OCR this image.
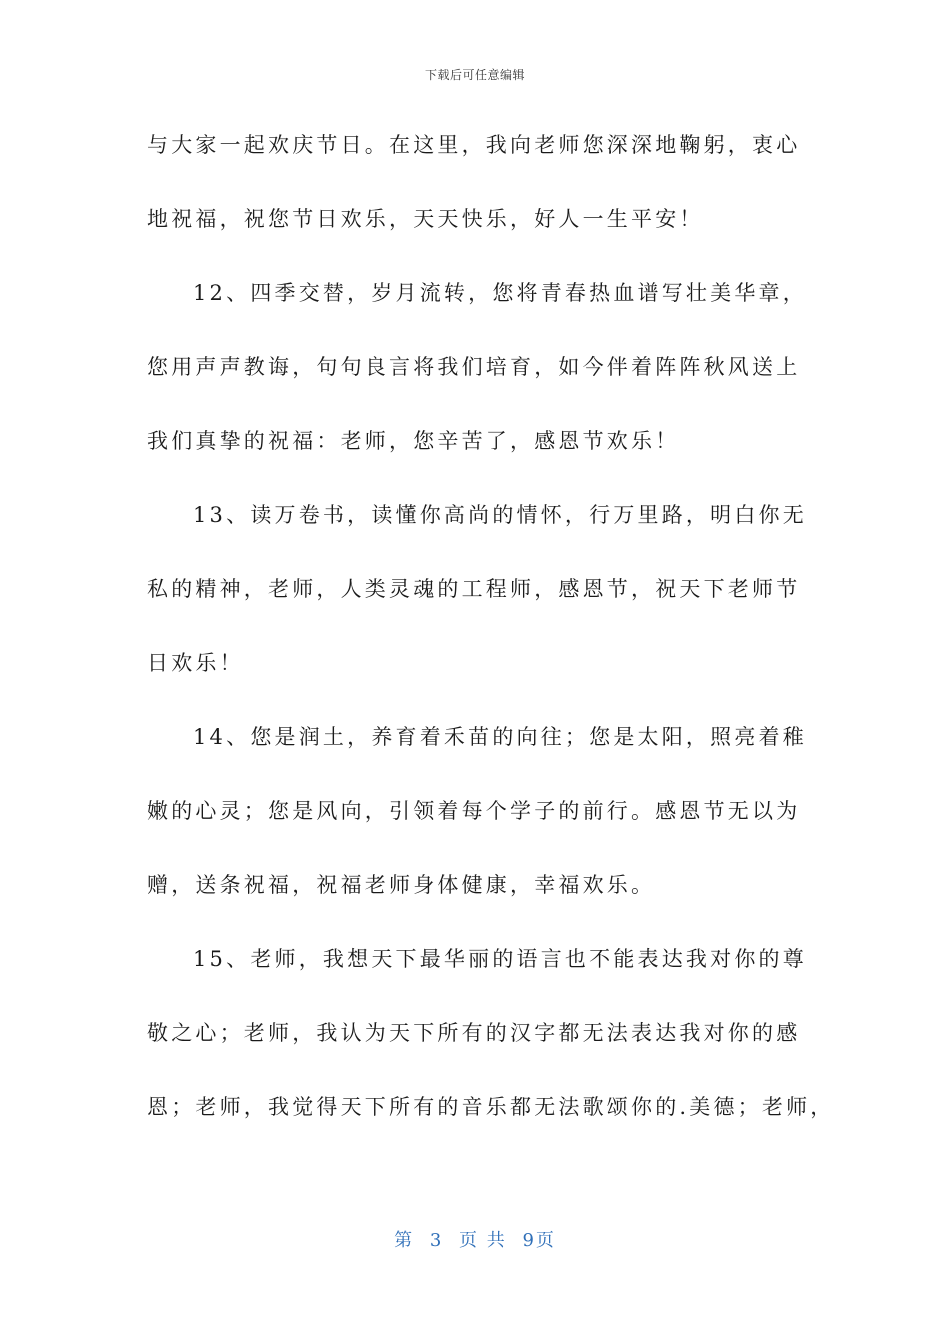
下载后可任意编辑
与大家一起欢庆节日。在这里，我向老师您深深地鞠躬，衷心
地祝福，祝您节日欢乐，天天快乐，好人一生平安！
12、四季交替，岁月流转，您将青春热血谱写壮美华章，
您用声声教诲，句句良言将我们培育，如今伴着阵阵秋风送上
我们真挚的祝福：老师，您辛苦了，感恩节欢乐！
13、读万卷书，读懂你高尚的情怀，行万里路，明白你无
私的精神，老师，人类灵魂的工程师，感恩节，祝天下老师节
日欢乐！
14、您是润土，养育着禾苗的向往；您是太阳，照亮着稚
嫩的心灵；您是风向，引领着每个学子的前行。感恩节无以为
赠，送条祝福，祝福老师身体健康，幸福欢乐。
15、老师，我想天下最华丽的语言也不能表达我对你的尊
敬之心；老师，我认为天下所有的汉字都无法表达我对你的感
恩；老师，我觉得天下所有的音乐都无法歌颂你的.美德；老师，
第 3 页 共 9页
